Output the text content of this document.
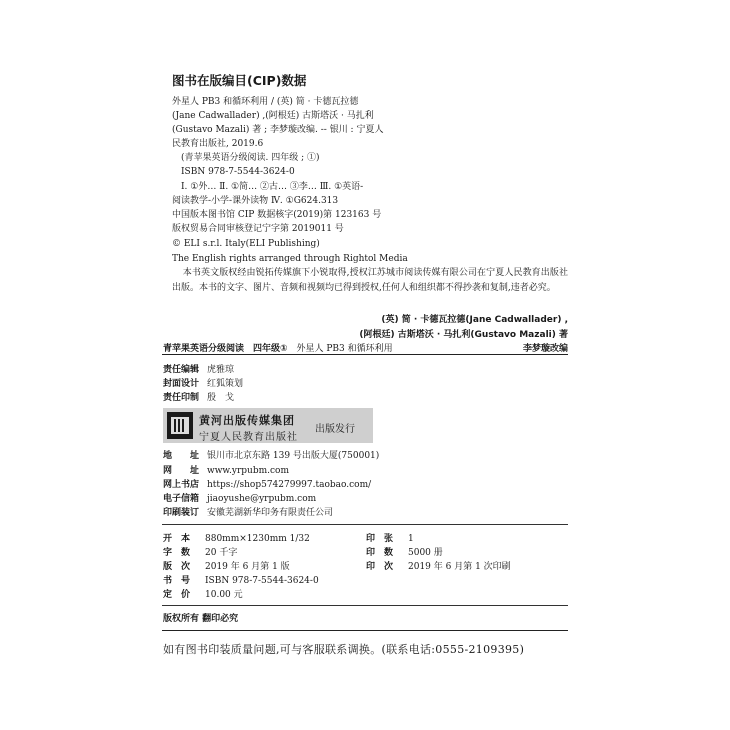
图书在版编目(CIP)数据
外星人 PB3 和循环利用 / (英) 简 · 卡德瓦拉德
(Jane Cadwallader) ,(阿根廷) 古斯塔沃 · 马扎利
(Gustavo Mazali) 著 ; 李梦璇改编. -- 银川 : 宁夏人
民教育出版社, 2019.6
(青苹果英语分级阅读. 四年级 ; ①)
ISBN 978-7-5544-3624-0
Ⅰ. ①外… Ⅱ. ①简… ②古… ③李… Ⅲ. ①英语-
阅读教学-小学-课外读物 Ⅳ. ①G624.313
中国版本图书馆 CIP 数据核字(2019)第 123163 号
版权贸易合同审核登记宁字第 2019011 号
© ELI s.r.l. Italy(ELI Publishing)
The English rights arranged through Rightol Media
本书英文版权经由锐拓传媒旗下小锐取得,授权江苏城市阅读传媒有限公司在宁夏人民教育出版社出版。本书的文字、图片、音频和视频均已得到授权,任何人和组织都不得抄袭和复制,违者必究。
(英) 简 · 卡德瓦拉德(Jane Cadwallader) ,
(阿根廷) 古斯塔沃 · 马扎利(Gustavo Mazali) 著
青苹果英语分级阅读　四年级① 外星人 PB3 和循环利用	李梦璇改编
责任编辑 虎雅琼
封面设计 红狐策划
责任印制 殷　戈
黄河出版传媒集团
宁夏人民教育出版社
出版发行
地　　址 银川市北京东路 139 号出版大厦(750001)
网　　址 www.yrpubm.com
网上书店 https://shop574279997.taobao.com/
电子信箱 jiaoyushe@yrpubm.com
印刷装订 安徽芜湖新华印务有限责任公司
开　本 880mm×1230mm 1/32
字　数 20 千字
版　次 2019 年 6 月第 1 版
书　号 ISBN 978-7-5544-3624-0
定　价 10.00 元
印　张 1
印　数 5000 册
印　次 2019 年 6 月第 1 次印刷
版权所有 翻印必究
如有图书印装质量问题,可与客服联系调换。(联系电话:0555-2109395)
